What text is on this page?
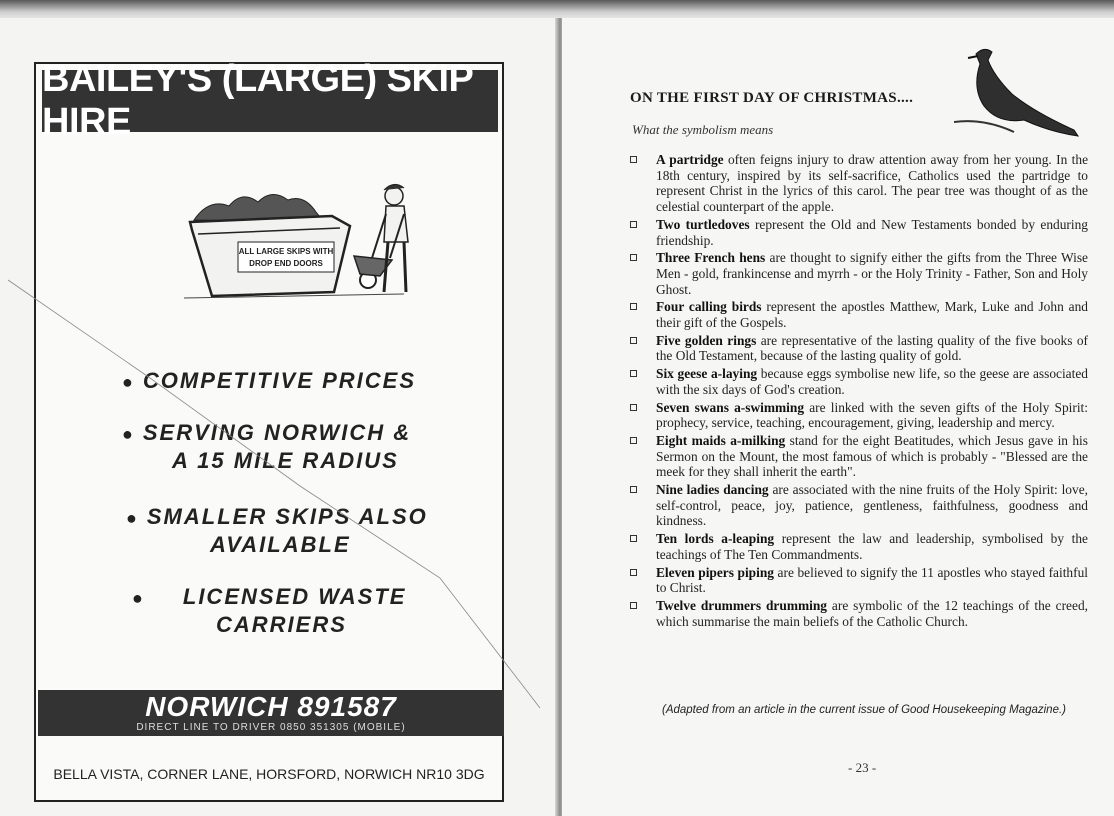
BAILEY'S (LARGE) SKIP HIRE
ALL LARGE SKIPS WITH
DROP END DOORS
● COMPETITIVE PRICES
● SERVING NORWICH &
A 15 MILE RADIUS
● SMALLER SKIPS ALSO
AVAILABLE
● LICENSED WASTE
CARRIERS
NORWICH 891587
DIRECT LINE TO DRIVER 0850 351305 (MOBILE)
BELLA VISTA, CORNER LANE, HORSFORD, NORWICH NR10 3DG
ON THE FIRST DAY OF CHRISTMAS....
What the symbolism means
A partridge often feigns injury to draw attention away from her young. In the 18th century, inspired by its self-sacrifice, Catholics used the partridge to represent Christ in the lyrics of this carol. The pear tree was thought of as the celestial counterpart of the apple.
Two turtledoves represent the Old and New Testaments bonded by enduring friendship.
Three French hens are thought to signify either the gifts from the Three Wise Men - gold, frankincense and myrrh - or the Holy Trinity - Father, Son and Holy Ghost.
Four calling birds represent the apostles Matthew, Mark, Luke and John and their gift of the Gospels.
Five golden rings are representative of the lasting quality of the five books of the Old Testament, because of the lasting quality of gold.
Six geese a-laying because eggs symbolise new life, so the geese are associated with the six days of God's creation.
Seven swans a-swimming are linked with the seven gifts of the Holy Spirit: prophecy, service, teaching, encouragement, giving, leadership and mercy.
Eight maids a-milking stand for the eight Beatitudes, which Jesus gave in his Sermon on the Mount, the most famous of which is probably - "Blessed are the meek for they shall inherit the earth".
Nine ladies dancing are associated with the nine fruits of the Holy Spirit: love, self-control, peace, joy, patience, gentleness, faithfulness, goodness and kindness.
Ten lords a-leaping represent the law and leadership, symbolised by the teachings of The Ten Commandments.
Eleven pipers piping are believed to signify the 11 apostles who stayed faithful to Christ.
Twelve drummers drumming are symbolic of the 12 teachings of the creed, which summarise the main beliefs of the Catholic Church.
(Adapted from an article in the current issue of Good Housekeeping Magazine.)
- 23 -
